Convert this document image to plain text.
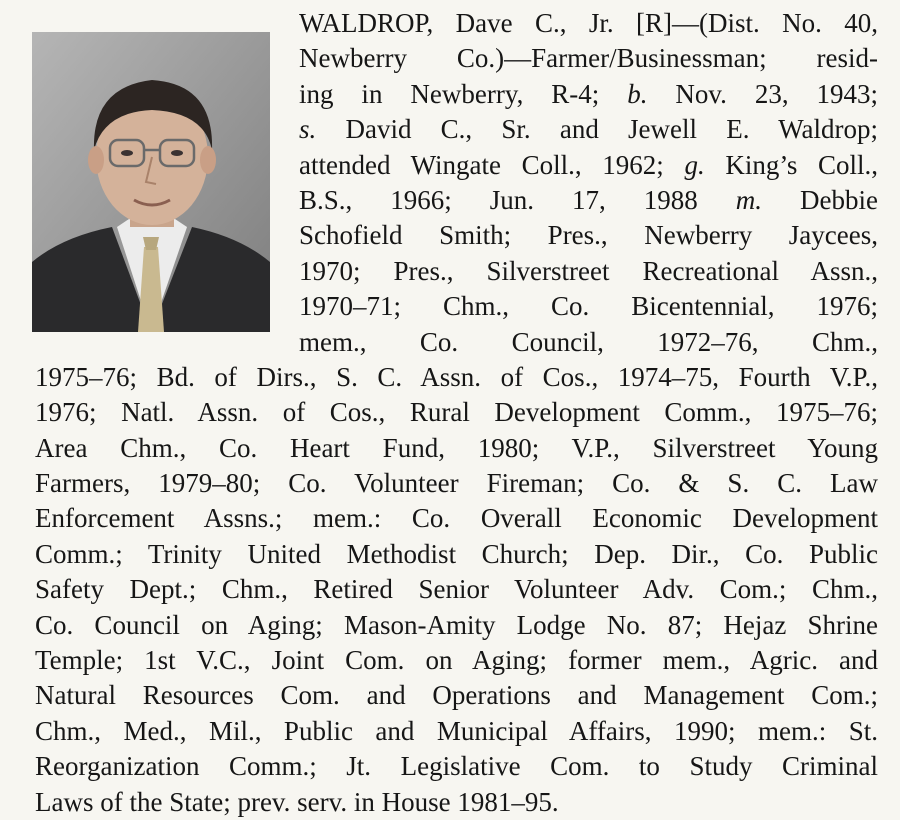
WALDROP, Dave C., Jr. [R]—(Dist. No. 40,
Newberry Co.)—Farmer/Businessman; resid-
ing in Newberry, R-4; b. Nov. 23, 1943;
s. David C., Sr. and Jewell E. Waldrop;
attended Wingate Coll., 1962; g. King’s Coll.,
B.S., 1966; Jun. 17, 1988 m. Debbie
Schofield Smith; Pres., Newberry Jaycees,
1970; Pres., Silverstreet Recreational Assn.,
1970–71; Chm., Co. Bicentennial, 1976;
mem., Co. Council, 1972–76, Chm.,
1975–76; Bd. of Dirs., S. C. Assn. of Cos., 1974–75, Fourth V.P.,
1976; Natl. Assn. of Cos., Rural Development Comm., 1975–76;
Area Chm., Co. Heart Fund, 1980; V.P., Silverstreet Young
Farmers, 1979–80; Co. Volunteer Fireman; Co. & S. C. Law
Enforcement Assns.; mem.: Co. Overall Economic Development
Comm.; Trinity United Methodist Church; Dep. Dir., Co. Public
Safety Dept.; Chm., Retired Senior Volunteer Adv. Com.; Chm.,
Co. Council on Aging; Mason-Amity Lodge No. 87; Hejaz Shrine
Temple; 1st V.C., Joint Com. on Aging; former mem., Agric. and
Natural Resources Com. and Operations and Management Com.;
Chm., Med., Mil., Public and Municipal Affairs, 1990; mem.: St.
Reorganization Comm.; Jt. Legislative Com. to Study Criminal
Laws of the State; prev. serv. in House 1981–95.
